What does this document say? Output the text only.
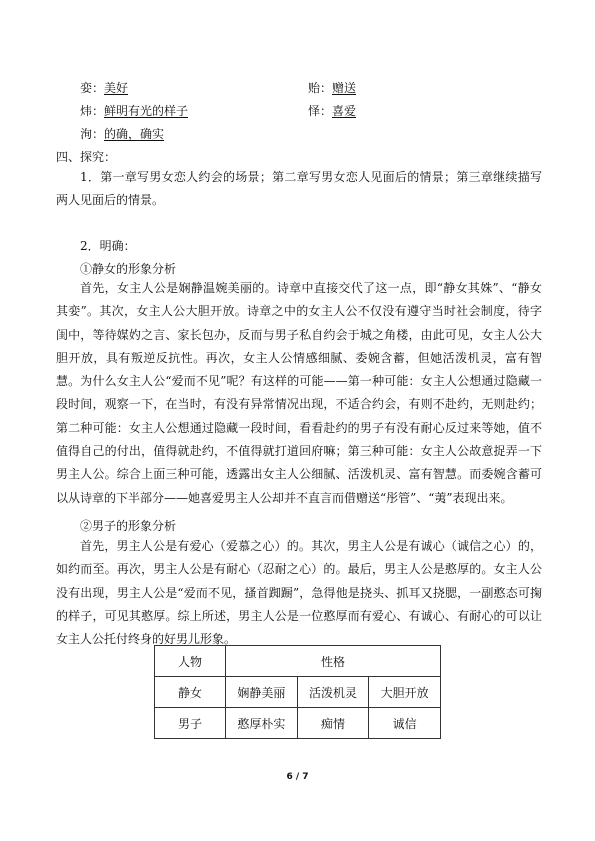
娈：美好	贻：赠送
炜：鲜明有光的样子	怿：喜爱
洵：的确，确实
四、探究：
1．第一章写男女恋人约会的场景；第二章写男女恋人见面后的情景；第三章继续描写两人见面后的情景。
2．明确：
①静女的形象分析
首先，女主人公是娴静温婉美丽的。诗章中直接交代了这一点，即“静女其姝”、“静女其娈”。其次，女主人公大胆开放。诗章之中的女主人公不仅没有遵守当时社会制度，待字闺中，等待媒妁之言、家长包办，反而与男子私自约会于城之角楼，由此可见，女主人公大胆开放，具有叛逆反抗性。再次，女主人公情感细腻、委婉含蓄，但她活泼机灵，富有智慧。为什么女主人公“爱而不见”呢？有这样的可能——第一种可能：女主人公想通过隐藏一段时间，观察一下，在当时，有没有异常情况出现，不适合约会，有则不赴约，无则赴约；第二种可能：女主人公想通过隐藏一段时间，看看赴约的男子有没有耐心反过来等她，值不值得自己的付出，值得就赴约，不值得就打道回府嘛；第三种可能：女主人公故意捉弄一下男主人公。综合上面三种可能，透露出女主人公细腻、活泼机灵、富有智慧。而委婉含蓄可以从诗章的下半部分——她喜爱男主人公却并不直言而借赠送“彤管”、“荑”表现出来。
②男子的形象分析
首先，男主人公是有爱心（爱慕之心）的。其次，男主人公是有诚心（诚信之心）的，如约而至。再次，男主人公是有耐心（忍耐之心）的。最后，男主人公是憨厚的。女主人公没有出现，男主人公是“爱而不见，搔首踟蹰”，急得他是挠头、抓耳又挠腮，一副憨态可掬的样子，可见其憨厚。综上所述，男主人公是一位憨厚而有爱心、有诚心、有耐心的可以让女主人公托付终身的好男儿形象。
人物	性格		
静女	娴静美丽	活泼机灵	大胆开放
男子	憨厚朴实	痴情	诚信
6 / 7
